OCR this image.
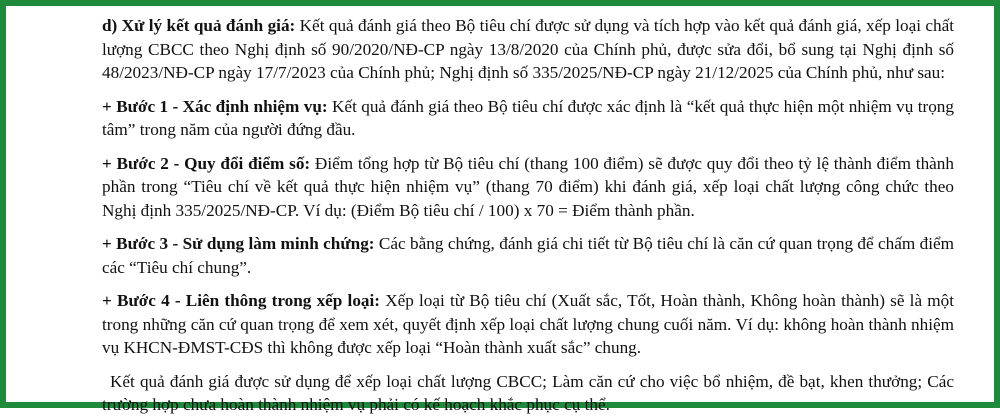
d) Xử lý kết quả đánh giá: Kết quả đánh giá theo Bộ tiêu chí được sử dụng và tích hợp vào kết quả đánh giá, xếp loại chất lượng CBCC theo Nghị định số 90/2020/NĐ-CP ngày 13/8/2020 của Chính phủ, được sửa đổi, bổ sung tại Nghị định số 48/2023/NĐ-CP ngày 17/7/2023 của Chính phủ; Nghị định số 335/2025/NĐ-CP ngày 21/12/2025 của Chính phủ, như sau:

+ Bước 1 - Xác định nhiệm vụ: Kết quả đánh giá theo Bộ tiêu chí được xác định là “kết quả thực hiện một nhiệm vụ trọng tâm” trong năm của người đứng đầu.

+ Bước 2 - Quy đổi điểm số: Điểm tổng hợp từ Bộ tiêu chí (thang 100 điểm) sẽ được quy đổi theo tỷ lệ thành điểm thành phần trong “Tiêu chí về kết quả thực hiện nhiệm vụ” (thang 70 điểm) khi đánh giá, xếp loại chất lượng công chức theo Nghị định 335/2025/NĐ-CP. Ví dụ: (Điểm Bộ tiêu chí / 100) x 70 = Điểm thành phần.

+ Bước 3 - Sử dụng làm minh chứng: Các bằng chứng, đánh giá chi tiết từ Bộ tiêu chí là căn cứ quan trọng để chấm điểm các “Tiêu chí chung”.

+ Bước 4 - Liên thông trong xếp loại: Xếp loại từ Bộ tiêu chí (Xuất sắc, Tốt, Hoàn thành, Không hoàn thành) sẽ là một trong những căn cứ quan trọng để xem xét, quyết định xếp loại chất lượng chung cuối năm. Ví dụ: không hoàn thành nhiệm vụ KHCN-ĐMST-CĐS thì không được xếp loại “Hoàn thành xuất sắc” chung.

Kết quả đánh giá được sử dụng để xếp loại chất lượng CBCC; Làm căn cứ cho việc bổ nhiệm, đề bạt, khen thưởng; Các trường hợp chưa hoàn thành nhiệm vụ phải có kế hoạch khắc phục cụ thể.
